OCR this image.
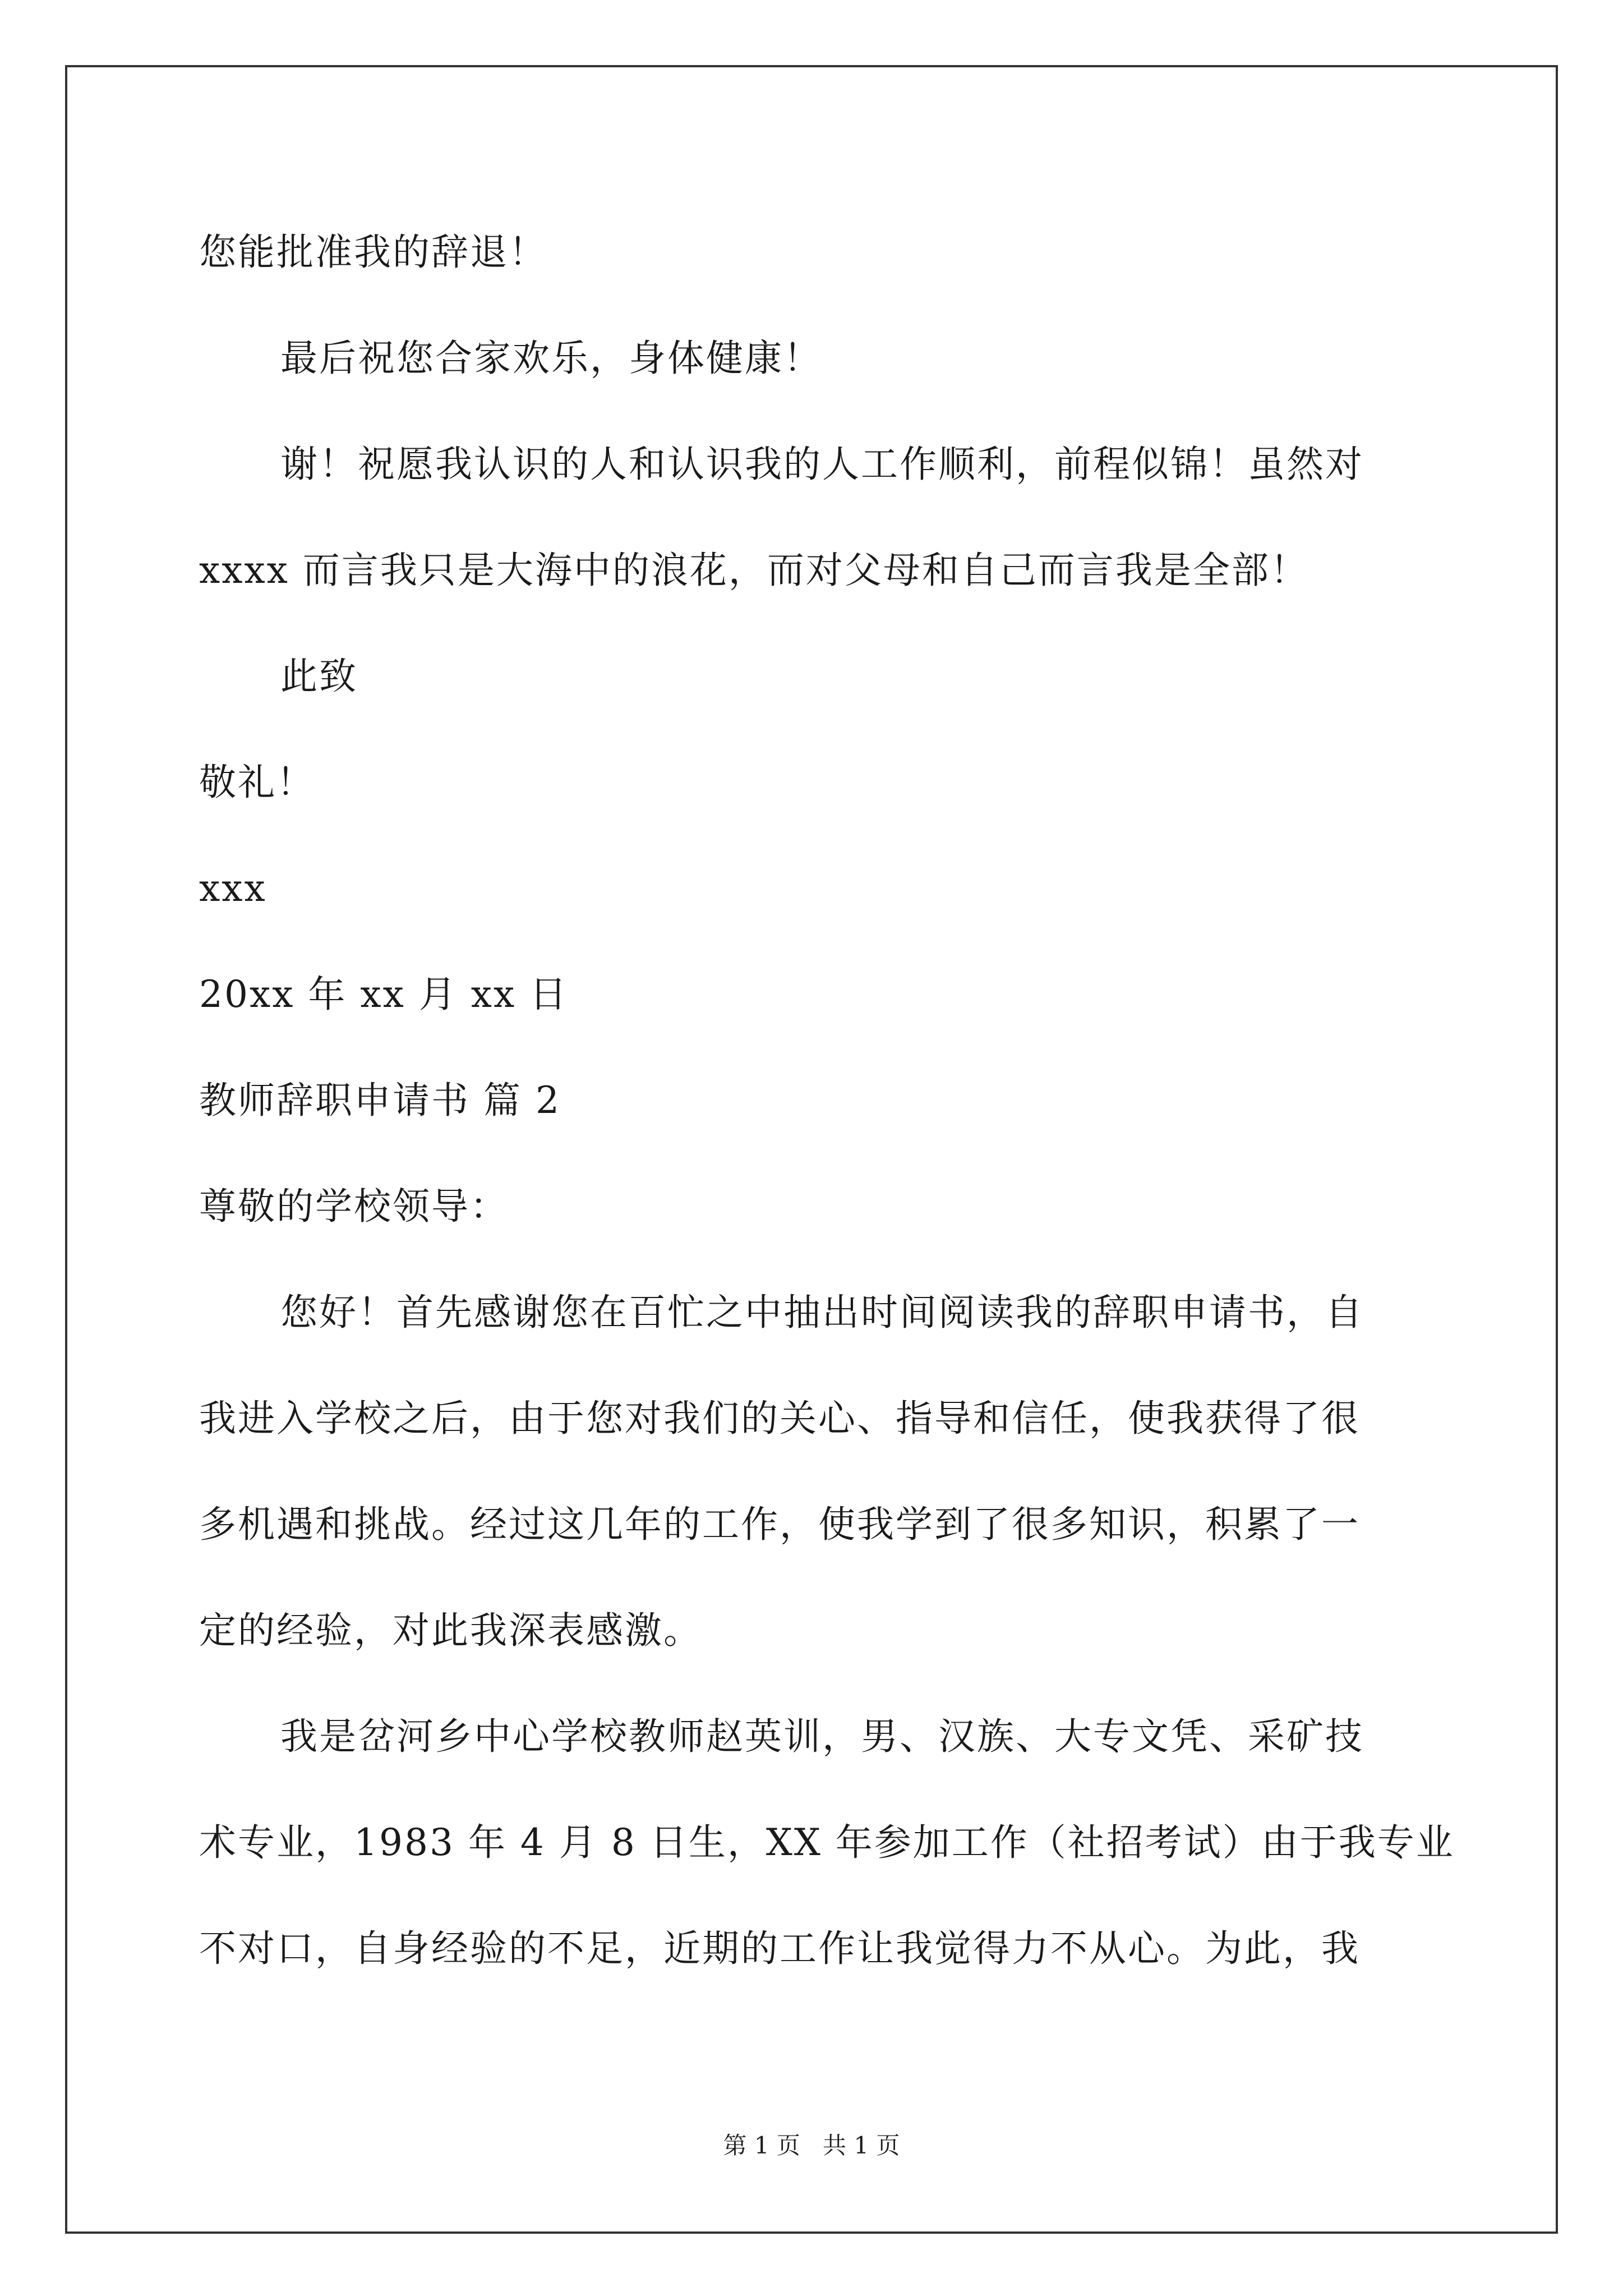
您能批准我的辞退！
最后祝您合家欢乐，身体健康！
谢！祝愿我认识的人和认识我的人工作顺利，前程似锦！虽然对
xxxx 而言我只是大海中的浪花，而对父母和自己而言我是全部！
此致
敬礼！
xxx
20xx 年 xx 月 xx 日
教师辞职申请书 篇 2
尊敬的学校领导：
您好！首先感谢您在百忙之中抽出时间阅读我的辞职申请书，自
我进入学校之后，由于您对我们的关心、指导和信任，使我获得了很
多机遇和挑战。经过这几年的工作，使我学到了很多知识，积累了一
定的经验，对此我深表感激。
我是岔河乡中心学校教师赵英训，男、汉族、大专文凭、采矿技
术专业，1983 年 4 月 8 日生，XX 年参加工作（社招考试）由于我专业
不对口，自身经验的不足，近期的工作让我觉得力不从心。为此，我
第 1 页   共 1 页
